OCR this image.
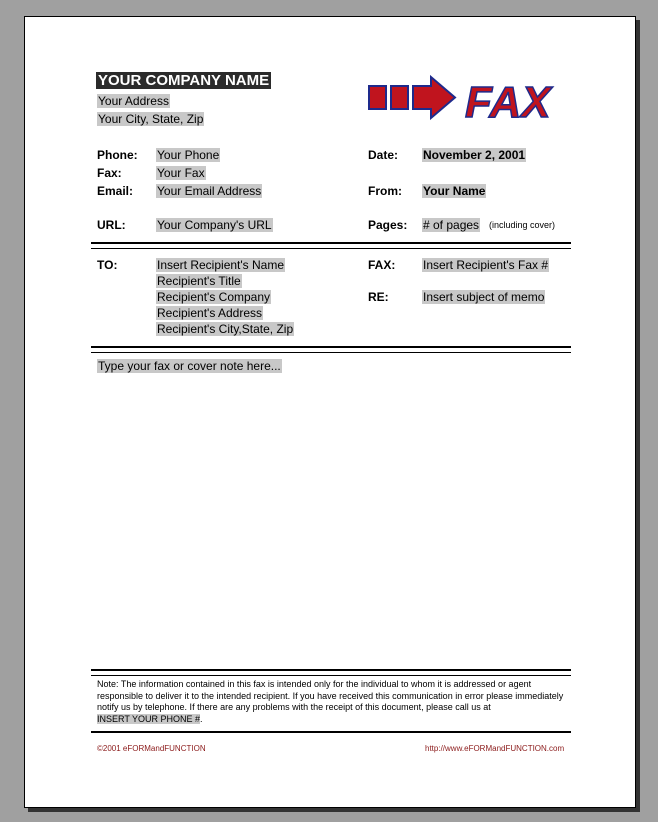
YOUR COMPANY NAME
Your Address
Your City, State, Zip	FAX
Phone: Your Phone
Fax:	Your Fax
Email: Your Email Address
URL:	Your Company's URL
Date: November 2, 2001
From: Your Name
Pages: # of pages (including cover)
TO:	Insert Recipient's Name
Recipient's Title
Recipient's Company
Recipient's Address
Recipient's City,State, Zip
FAX: Insert Recipient's Fax #
RE:	Insert subject of memo
Type your fax or cover note here...
Note: The information contained in this fax is intended only for the individual to whom it is addressed or agent responsible to deliver it to the intended recipient. If you have received this communication in error please immediately notify us by telephone. If there are any problems with the receipt of this document, please call us at INSERT YOUR PHONE #.
©2001 eFORMandFUNCTION	http://www.eFORMandFUNCTION.com
